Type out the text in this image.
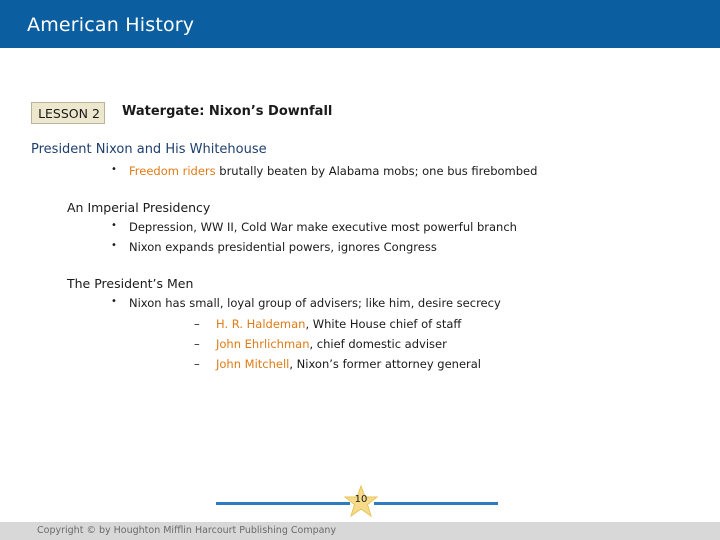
American History
LESSON 2	Watergate: Nixon’s Downfall
President Nixon and His Whitehouse
• Freedom riders brutally beaten by Alabama mobs; one bus firebombed
An Imperial Presidency
• Depression, WW II, Cold War make executive most powerful branch
• Nixon expands presidential powers, ignores Congress
The President’s Men
• Nixon has small, loyal group of advisers; like him, desire secrecy
– H. R. Haldeman, White House chief of staff
– John Ehrlichman, chief domestic adviser
– John Mitchell, Nixon’s former attorney general
10
Copyright © by Houghton Mifflin Harcourt Publishing Company
